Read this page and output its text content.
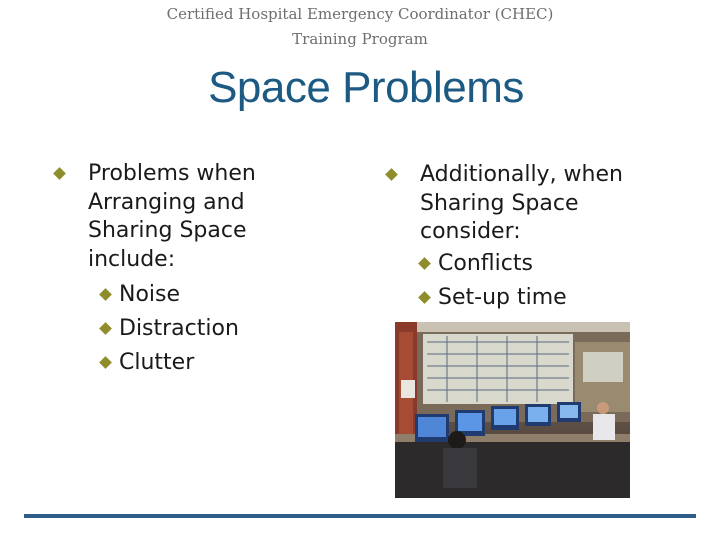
Certified Hospital Emergency Coordinator (CHEC)
Training Program
Space Problems
Problems when Arranging and Sharing Space include:
Noise
Distraction
Clutter
Additionally, when Sharing Space consider:
Conflicts
Set-up time
